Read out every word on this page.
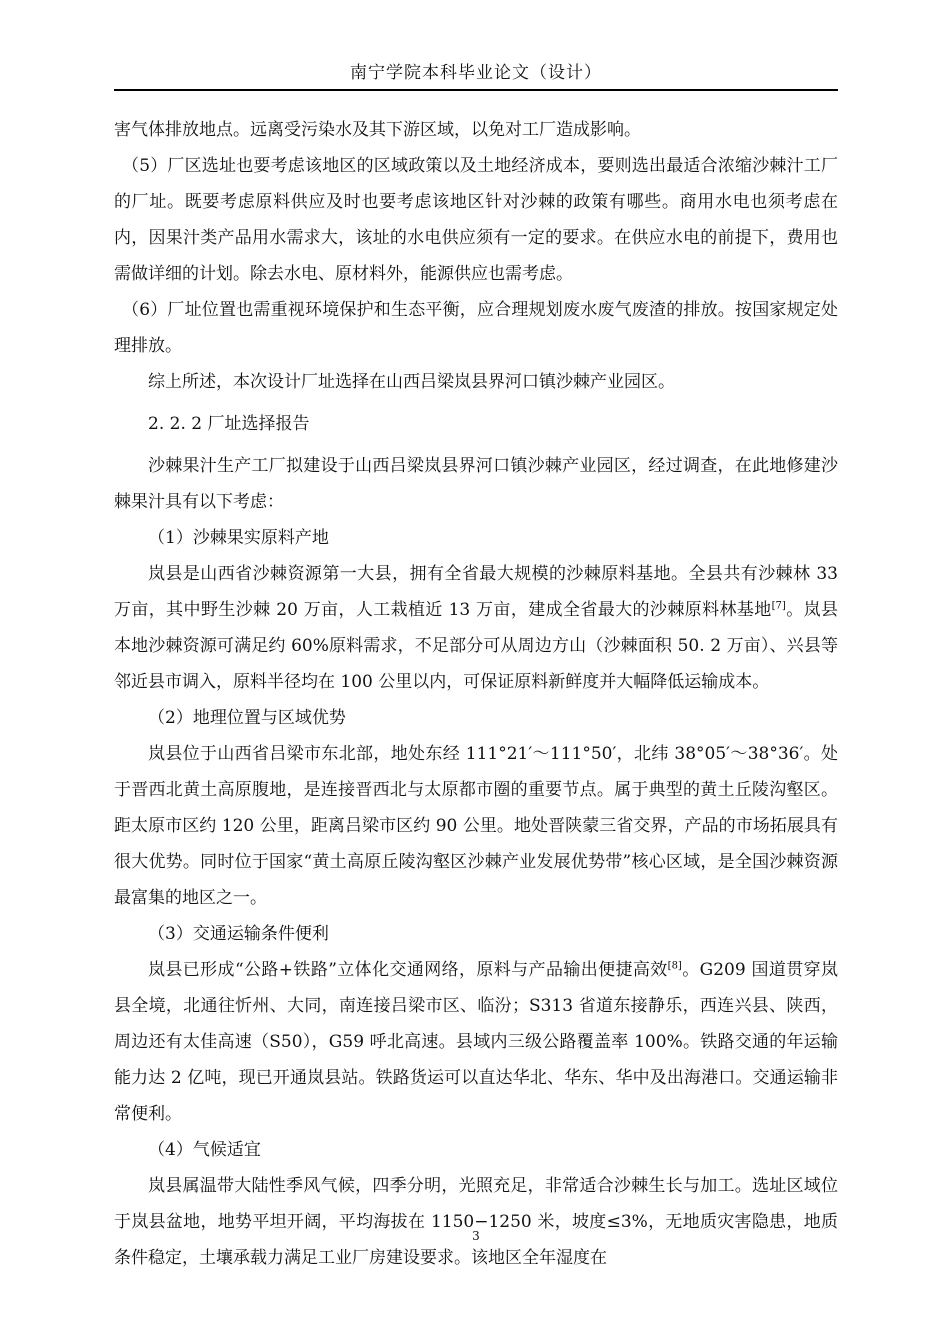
南宁学院本科毕业论文（设计）

害气体排放地点。远离受污染水及其下游区域，以免对工厂造成影响。

（5）厂区选址也要考虑该地区的区域政策以及土地经济成本，要则选出最适合浓缩沙棘汁工厂的厂址。既要考虑原料供应及时也要考虑该地区针对沙棘的政策有哪些。商用水电也须考虑在内，因果汁类产品用水需求大，该址的水电供应须有一定的要求。在供应水电的前提下，费用也需做详细的计划。除去水电、原材料外，能源供应也需考虑。

（6）厂址位置也需重视环境保护和生态平衡，应合理规划废水废气废渣的排放。按国家规定处理排放。

综上所述，本次设计厂址选择在山西吕梁岚县界河口镇沙棘产业园区。

2. 2. 2 厂址选择报告

沙棘果汁生产工厂拟建设于山西吕梁岚县界河口镇沙棘产业园区，经过调查，在此地修建沙棘果汁具有以下考虑：

（1）沙棘果实原料产地

岚县是山西省沙棘资源第一大县，拥有全省最大规模的沙棘原料基地。全县共有沙棘林 33 万亩，其中野生沙棘 20 万亩，人工栽植近 13 万亩，建成全省最大的沙棘原料林基地[7]。岚县本地沙棘资源可满足约 60%原料需求，不足部分可从周边方山（沙棘面积 50. 2 万亩）、兴县等邻近县市调入，原料半径均在 100 公里以内，可保证原料新鲜度并大幅降低运输成本。

（2）地理位置与区域优势

岚县位于山西省吕梁市东北部，地处东经 111°21′～111°50′，北纬 38°05′～38°36′。处于晋西北黄土高原腹地，是连接晋西北与太原都市圈的重要节点。属于典型的黄土丘陵沟壑区。距太原市区约 120 公里，距离吕梁市区约 90 公里。地处晋陕蒙三省交界，产品的市场拓展具有很大优势。同时位于国家“黄土高原丘陵沟壑区沙棘产业发展优势带”核心区域，是全国沙棘资源最富集的地区之一。

（3）交通运输条件便利

岚县已形成“公路+铁路”立体化交通网络，原料与产品输出便捷高效[8]。G209 国道贯穿岚县全境，北通往忻州、大同，南连接吕梁市区、临汾；S313 省道东接静乐，西连兴县、陕西，周边还有太佳高速（S50），G59 呼北高速。县域内三级公路覆盖率 100%。铁路交通的年运输能力达 2 亿吨，现已开通岚县站。铁路货运可以直达华北、华东、华中及出海港口。交通运输非常便利。

（4）气候适宜

岚县属温带大陆性季风气候，四季分明，光照充足，非常适合沙棘生长与加工。选址区域位于岚县盆地，地势平坦开阔，平均海拔在 1150−1250 米，坡度≤3%，无地质灾害隐患，地质条件稳定，土壤承载力满足工业厂房建设要求。该地区全年湿度在

3
